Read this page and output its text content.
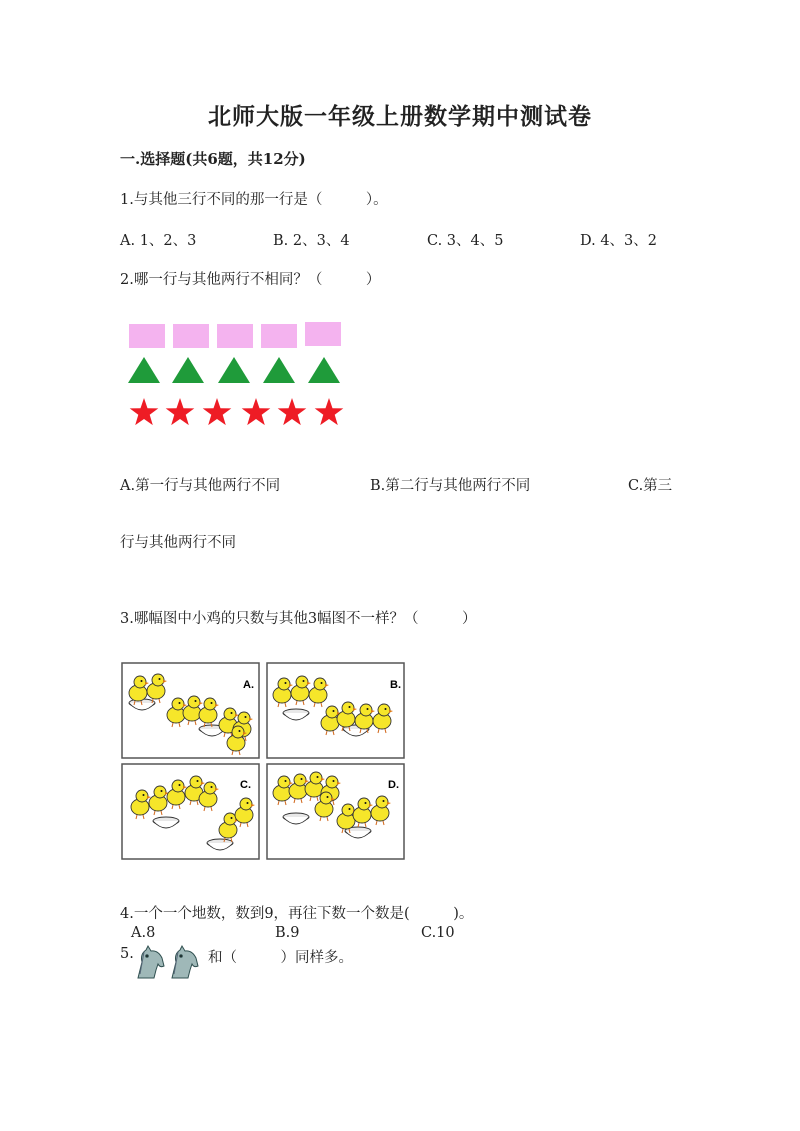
北师大版一年级上册数学期中测试卷
一.选择题(共6题，共12分)
1.与其他三行不同的那一行是（　　　）。
A. 1、2、3	B. 2、3、4	C. 3、4、5	D. 4、3、2
2.哪一行与其他两行不相同？（　　　）
A.第一行与其他两行不同	B.第二行与其他两行不同	C.第三
行与其他两行不同
3.哪幅图中小鸡的只数与其他3幅图不一样？（　　　）
A.	B.
C.	D.
4.一个一个地数，数到9，再往下数一个数是(　　　)。
A.8	B.9	C.10
5.	和（　　　）同样多。
